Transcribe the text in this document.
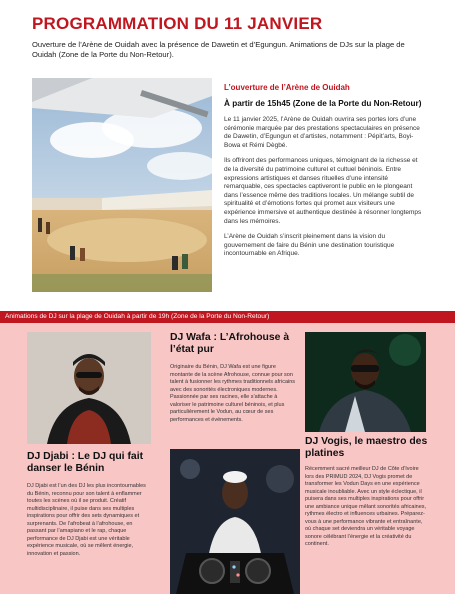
PROGRAMMATION DU 11 JANVIER

Ouverture de l’Arène de Ouidah avec la présence de Dawetin et d’Egungun. Animations de DJs sur la plage de Ouidah (Zone de la Porte du Non-Retour).

L’ouverture de l’Arène de Ouidah
À partir de 15h45 (Zone de la Porte du Non-Retour)

Le 11 janvier 2025, l’Arène de Ouidah ouvrira ses portes lors d’une cérémonie marquée par des prestations spectaculaires en présence de Dawetin, d’Egungun et d’artistes, notamment : Pépit’arts, Boyi-Bowa et Rémi Dègbé.

Ils offriront des performances uniques, témoignant de la richesse et de la diversité du patrimoine culturel et cultuel béninois. Entre expressions artistiques et danses rituelles d’une intensité remarquable, ces spectacles captiveront le public en le plongeant dans l’essence même des traditions locales. Un mélange subtil de spiritualité et d’émotions fortes qui promet aux visiteurs une expérience immersive et authentique destinée à résonner longtemps dans les mémoires.

L’Arène de Ouidah s’inscrit pleinement dans la vision du gouvernement de faire du Bénin une destination touristique incontournable en Afrique.

Animations de DJ sur la plage de Ouidah à partir de 19h (Zone de la Porte du Non-Retour)
DJ Djabi : Le DJ qui fait danser le Bénin
DJ Djabi est l’un des DJ les plus incontournables du Bénin, reconnu pour son talent à enflammer toutes les scènes où il se produit. Créatif multidisciplinaire, il puise dans ses multiples inspirations pour offrir des sets dynamiques et surprenants. De l’afrobeat à l’afrohouse, en passant par l’amapiano et le rap, chaque performance de DJ Djabi est une véritable expérience musicale, où se mêlent énergie, innovation et passion.
DJ Wafa : L’Afrohouse à l’état pur
Originaire du Bénin, DJ Wafa est une figure montante de la scène Afrohouse, connue pour son talent à fusionner les rythmes traditionnels africains avec des sonorités électroniques modernes. Passionnée par ses racines, elle s’attache à valoriser le patrimoine culturel béninois, et plus particulièrement le Vodun, au cœur de ses performances et événements.
DJ Vogis, le maestro des platines
Récemment sacré meilleur DJ de Côte d’Ivoire lors des PRIMUD 2024, DJ Vogis promet de transformer les Vodun Days en une expérience musicale inoubliable. Avec un style éclectique, il puisera dans ses multiples inspirations pour offrir une ambiance unique mêlant sonorités africaines, rythmes électro et influences urbaines. Préparez-vous à une performance vibrante et entraînante, où chaque set deviendra un véritable voyage sonore célébrant l’énergie et la créativité du continent.
